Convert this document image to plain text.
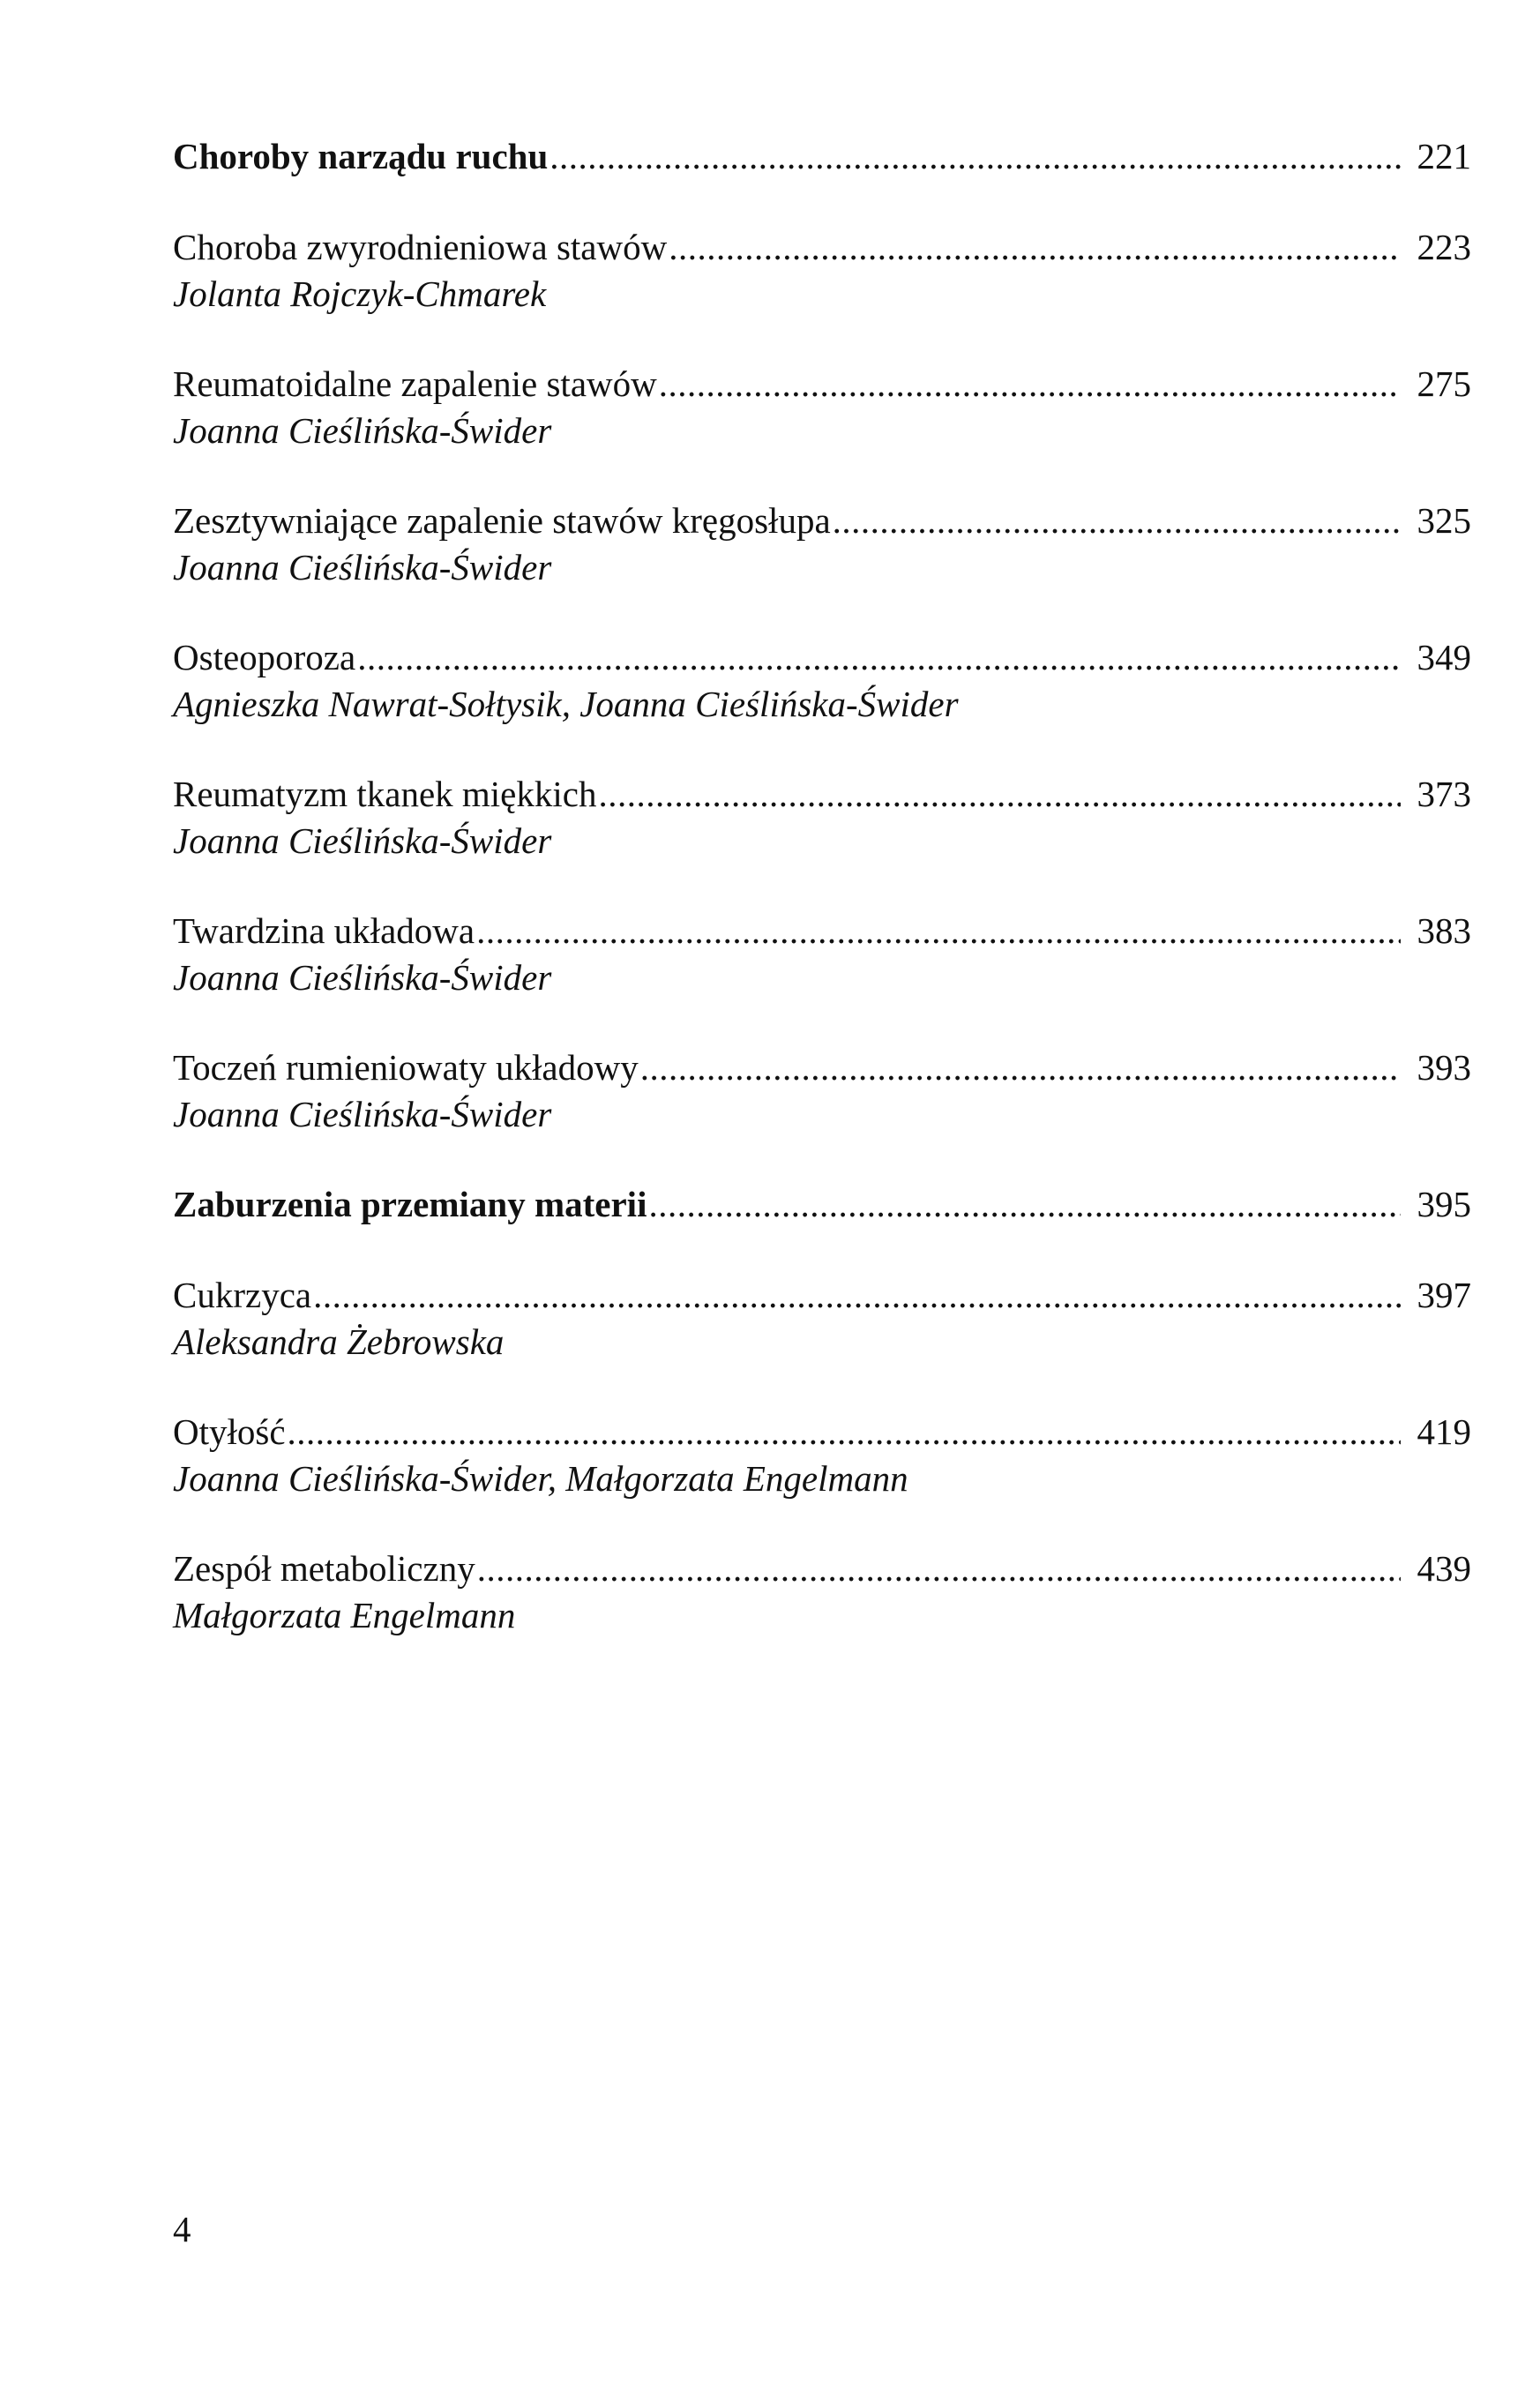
Choroby narządu ruchu .....	221
Choroba zwyrodnieniowa stawów .....	223
Jolanta Rojczyk-Chmarek
Reumatoidalne zapalenie stawów .....	275
Joanna Cieślińska-Świder
Zesztywniające zapalenie stawów kręgosłupa .....	325
Joanna Cieślińska-Świder
Osteoporoza .....	349
Agnieszka Nawrat-Sołtysik, Joanna Cieślińska-Świder
Reumatyzm tkanek miękkich .....	373
Joanna Cieślińska-Świder
Twardzina układowa .....	383
Joanna Cieślińska-Świder
Toczeń rumieniowaty układowy .....	393
Joanna Cieślińska-Świder
Zaburzenia przemiany materii .....	395
Cukrzyca .....	397
Aleksandra Żebrowska
Otyłość .....	419
Joanna Cieślińska-Świder, Małgorzata Engelmann
Zespół metaboliczny .....	439
Małgorzata Engelmann
4
